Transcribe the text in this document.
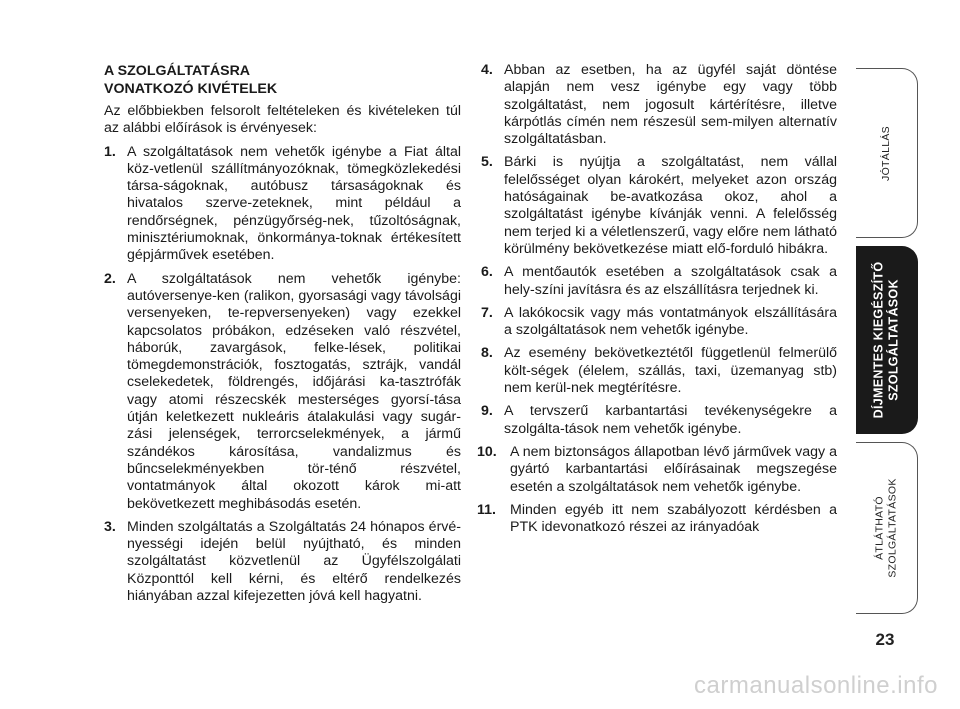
A SZOLGÁLTATÁSRA
VONATKOZÓ KIVÉTELEK

Az előbbiekben felsorolt feltételeken és kivételeken túl az alábbi előírások is érvényesek:

1. A szolgáltatások nem vehetők igénybe a Fiat által köz-vetlenül szállítmányozóknak, tömegközlekedési társa-ságoknak, autóbusz társaságoknak és hivatalos szerve-zeteknek, mint például a rendőrségnek, pénzügyőrség-nek, tűzoltóságnak, minisztériumoknak, önkormánya-toknak értékesített gépjárművek esetében.
2. A szolgáltatások nem vehetők igénybe: autóversenye-ken (ralikon, gyorsasági vagy távolsági versenyeken, te-repversenyeken) vagy ezekkel kapcsolatos próbákon, edzéseken való részvétel, háborúk, zavargások, felke-lések, politikai tömegdemonstrációk, fosztogatás, sztrájk, vandál cselekedetek, földrengés, időjárási ka-tasztrófák vagy atomi részecskék mesterséges gyorsí-tása útján keletkezett nukleáris átalakulási vagy sugár-zási jelenségek, terrorcselekmények, a jármű szándékos károsítása, vandalizmus és bűncselekményekben tör-ténő részvétel, vontatmányok által okozott károk mi-att bekövetkezett meghibásodás esetén.
3. Minden szolgáltatás a Szolgáltatás 24 hónapos érvé-nyességi idején belül nyújtható, és minden szolgáltatást közvetlenül az Ügyfélszolgálati Központtól kell kérni, és eltérő rendelkezés hiányában azzal kifejezetten jóvá kell hagyatni.
4. Abban az esetben, ha az ügyfél saját döntése alapján nem vesz igénybe egy vagy több szolgáltatást, nem jogosult kártérítésre, illetve kárpótlás címén nem részesül sem-milyen alternatív szolgáltatásban.
5. Bárki is nyújtja a szolgáltatást, nem vállal felelősséget olyan károkért, melyeket azon ország hatóságainak be-avatkozása okoz, ahol a szolgáltatást igénybe kívánják venni. A felelősség nem terjed ki a véletlenszerű, vagy előre nem látható körülmény bekövetkezése miatt elő-forduló hibákra.
6. A mentőautók esetében a szolgáltatások csak a hely-színi javításra és az elszállításra terjednek ki.
7. A lakókocsik vagy más vontatmányok elszállítására a szolgáltatások nem vehetők igénybe.
8. Az esemény bekövetkeztétől függetlenül felmerülő költ-ségek (élelem, szállás, taxi, üzemanyag stb) nem kerül-nek megtérítésre.
9. A tervszerű karbantartási tevékenységekre a szolgálta-tások nem vehetők igénybe.
10. A nem biztonságos állapotban lévő járművek vagy a gyártó karbantartási előírásainak megszegése esetén a szolgáltatások nem vehetők igénybe.
11. Minden egyéb itt nem szabályozott kérdésben a PTK idevonatkozó részei az irányadóak
JÓTÁLLÁS
DÍJMENTES KIEGÉSZÍTŐ SZOLGÁLTATÁSOK
ÁTLÁTHATÓ SZOLGÁLTATÁSOK
23
carmanualsonline.info
